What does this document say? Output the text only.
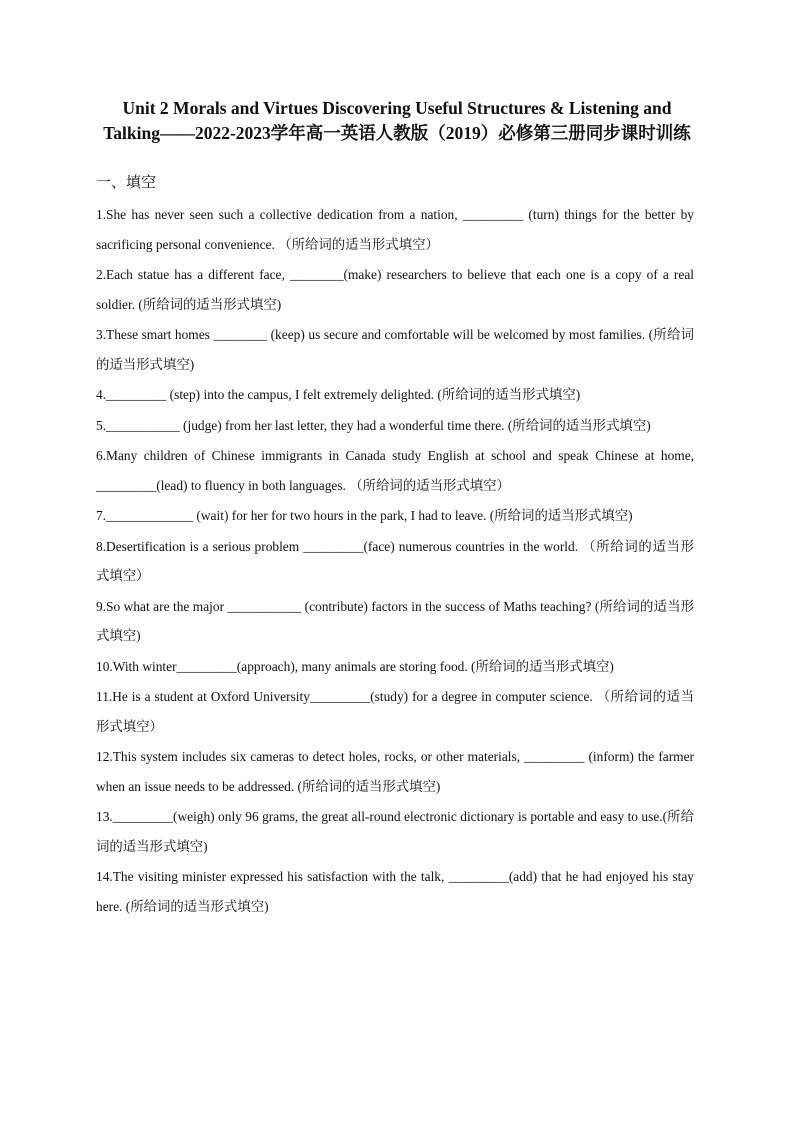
Unit 2 Morals and Virtues Discovering Useful Structures & Listening and Talking——2022-2023学年高一英语人教版（2019）必修第三册同步课时训练
一、填空

1.She has never seen such a collective dedication from a nation, _________ (turn) things for the better by sacrificing personal convenience. （所给词的适当形式填空）

2.Each statue has a different face, ________(make) researchers to believe that each one is a copy of a real soldier. (所给词的适当形式填空)

3.These smart homes ________ (keep) us secure and comfortable will be welcomed by most families. (所给词的适当形式填空)

4._________ (step) into the campus, I felt extremely delighted. (所给词的适当形式填空)

5.___________ (judge) from her last letter, they had a wonderful time there. (所给词的适当形式填空)

6.Many children of Chinese immigrants in Canada study English at school and speak Chinese at home, _________(lead) to fluency in both languages. （所给词的适当形式填空）

7._____________ (wait) for her for two hours in the park, I had to leave. (所给词的适当形式填空)

8.Desertification is a serious problem _________(face) numerous countries in the world. （所给词的适当形式填空）

9.So what are the major ___________ (contribute) factors in the success of Maths teaching? (所给词的适当形式填空)

10.With winter_________(approach), many animals are storing food. (所给词的适当形式填空)

11.He is a student at Oxford University_________(study) for a degree in computer science. （所给词的适当形式填空）

12.This system includes six cameras to detect holes, rocks, or other materials, _________ (inform) the farmer when an issue needs to be addressed. (所给词的适当形式填空)

13._________(weigh) only 96 grams, the great all-round electronic dictionary is portable and easy to use.(所给词的适当形式填空)

14.The visiting minister expressed his satisfaction with the talk, _________(add) that he had enjoyed his stay here. (所给词的适当形式填空)
